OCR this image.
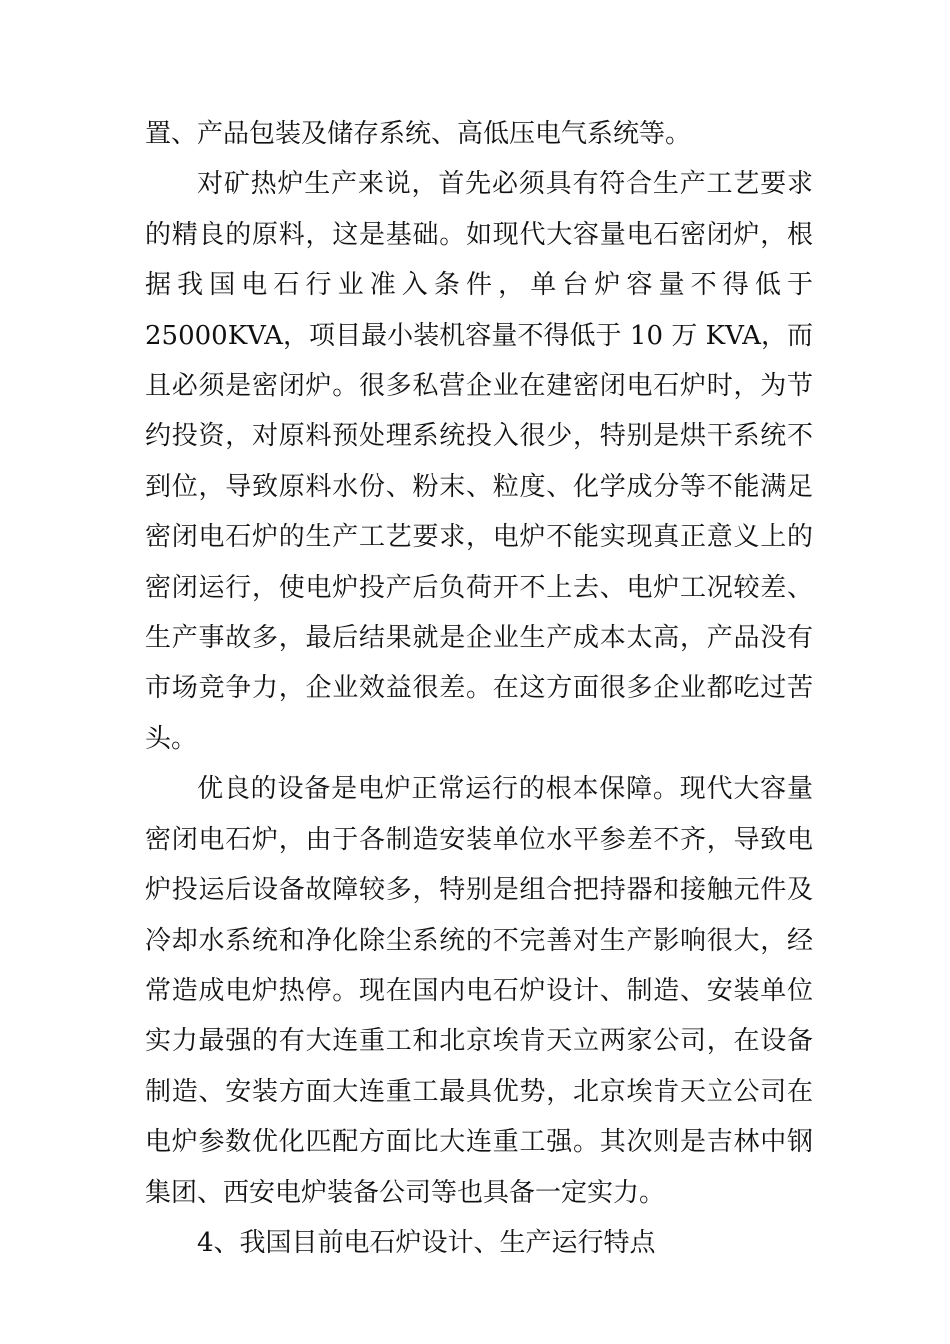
置、产品包装及储存系统、高低压电气系统等。

对矿热炉生产来说，首先必须具有符合生产工艺要求的精良的原料，这是基础。如现代大容量电石密闭炉，根据我国电石行业准入条件，单台炉容量不得低于 25000KVA，项目最小装机容量不得低于 10 万 KVA，而且必须是密闭炉。很多私营企业在建密闭电石炉时，为节约投资，对原料预处理系统投入很少，特别是烘干系统不到位，导致原料水份、粉末、粒度、化学成分等不能满足密闭电石炉的生产工艺要求，电炉不能实现真正意义上的密闭运行，使电炉投产后负荷开不上去、电炉工况较差、生产事故多，最后结果就是企业生产成本太高，产品没有市场竞争力，企业效益很差。在这方面很多企业都吃过苦头。

优良的设备是电炉正常运行的根本保障。现代大容量密闭电石炉，由于各制造安装单位水平参差不齐，导致电炉投运后设备故障较多，特别是组合把持器和接触元件及冷却水系统和净化除尘系统的不完善对生产影响很大，经常造成电炉热停。现在国内电石炉设计、制造、安装单位实力最强的有大连重工和北京埃肯天立两家公司，在设备制造、安装方面大连重工最具优势，北京埃肯天立公司在电炉参数优化匹配方面比大连重工强。其次则是吉林中钢集团、西安电炉装备公司等也具备一定实力。

4、我国目前电石炉设计、生产运行特点
